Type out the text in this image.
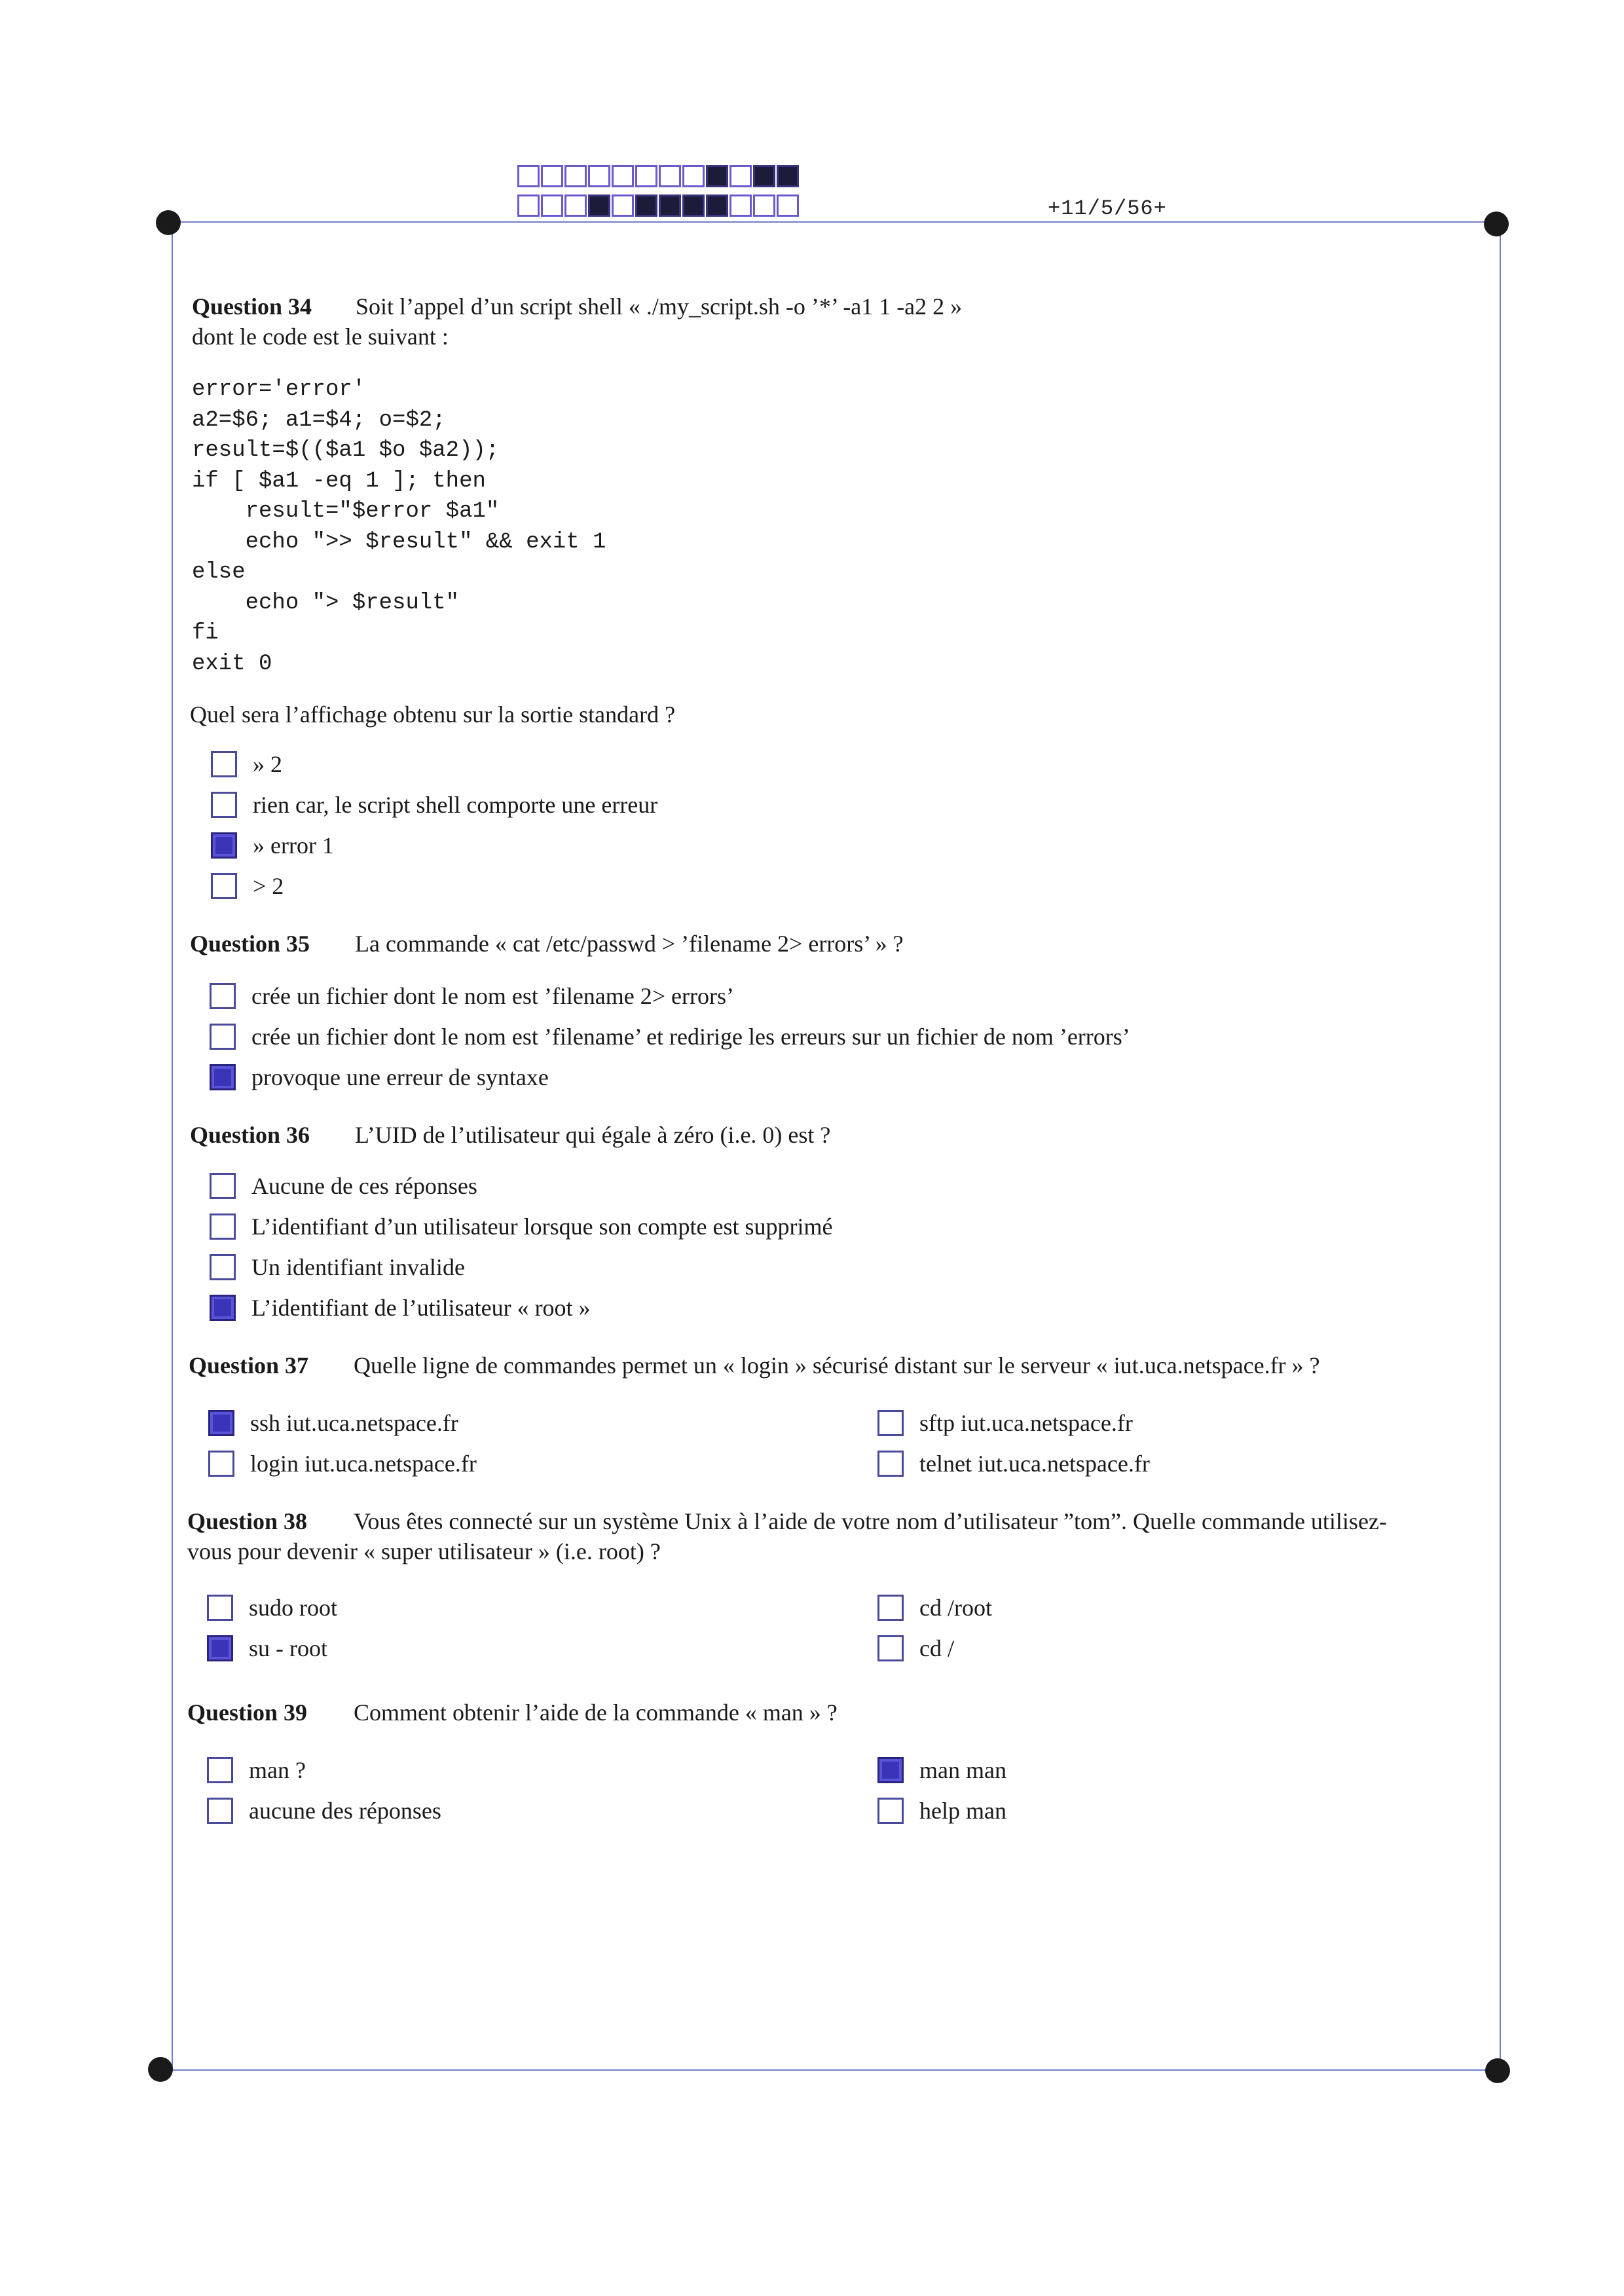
+11/5/56+
Question 34	Soit l’appel d’un script shell « ./my_script.sh -o ’*’ -a1 1 -a2 2 »
dont le code est le suivant :
error='error'
a2=$6; a1=$4; o=$2;
result=$(($a1 $o $a2));
if [ $a1 -eq 1 ]; then
result="$error $a1"
echo ">> $result" && exit 1
else
echo "> $result"
fi
exit 0
Quel sera l’affichage obtenu sur la sortie standard ?
» 2
rien car, le script shell comporte une erreur
» error 1
> 2
Question 35	La commande « cat /etc/passwd > ’filename 2> errors’ » ?
crée un fichier dont le nom est ’filename 2> errors’
crée un fichier dont le nom est ’filename’ et redirige les erreurs sur un fichier de nom ’errors’
provoque une erreur de syntaxe
Question 36	L’UID de l’utilisateur qui égale à zéro (i.e. 0) est ?
Aucune de ces réponses
L’identifiant d’un utilisateur lorsque son compte est supprimé
Un identifiant invalide
L’identifiant de l’utilisateur « root »
Question 37	Quelle ligne de commandes permet un « login » sécurisé distant sur le serveur « iut.uca.netspace.fr » ?
ssh iut.uca.netspace.fr
login iut.uca.netspace.fr
sftp iut.uca.netspace.fr
telnet iut.uca.netspace.fr
Question 38	Vous êtes connecté sur un système Unix à l’aide de votre nom d’utilisateur ”tom”. Quelle commande utilisez-
vous pour devenir « super utilisateur » (i.e. root) ?
sudo root
su - root
cd /root
cd /
Question 39	Comment obtenir l’aide de la commande « man » ?
man ?
aucune des réponses
man man
help man
